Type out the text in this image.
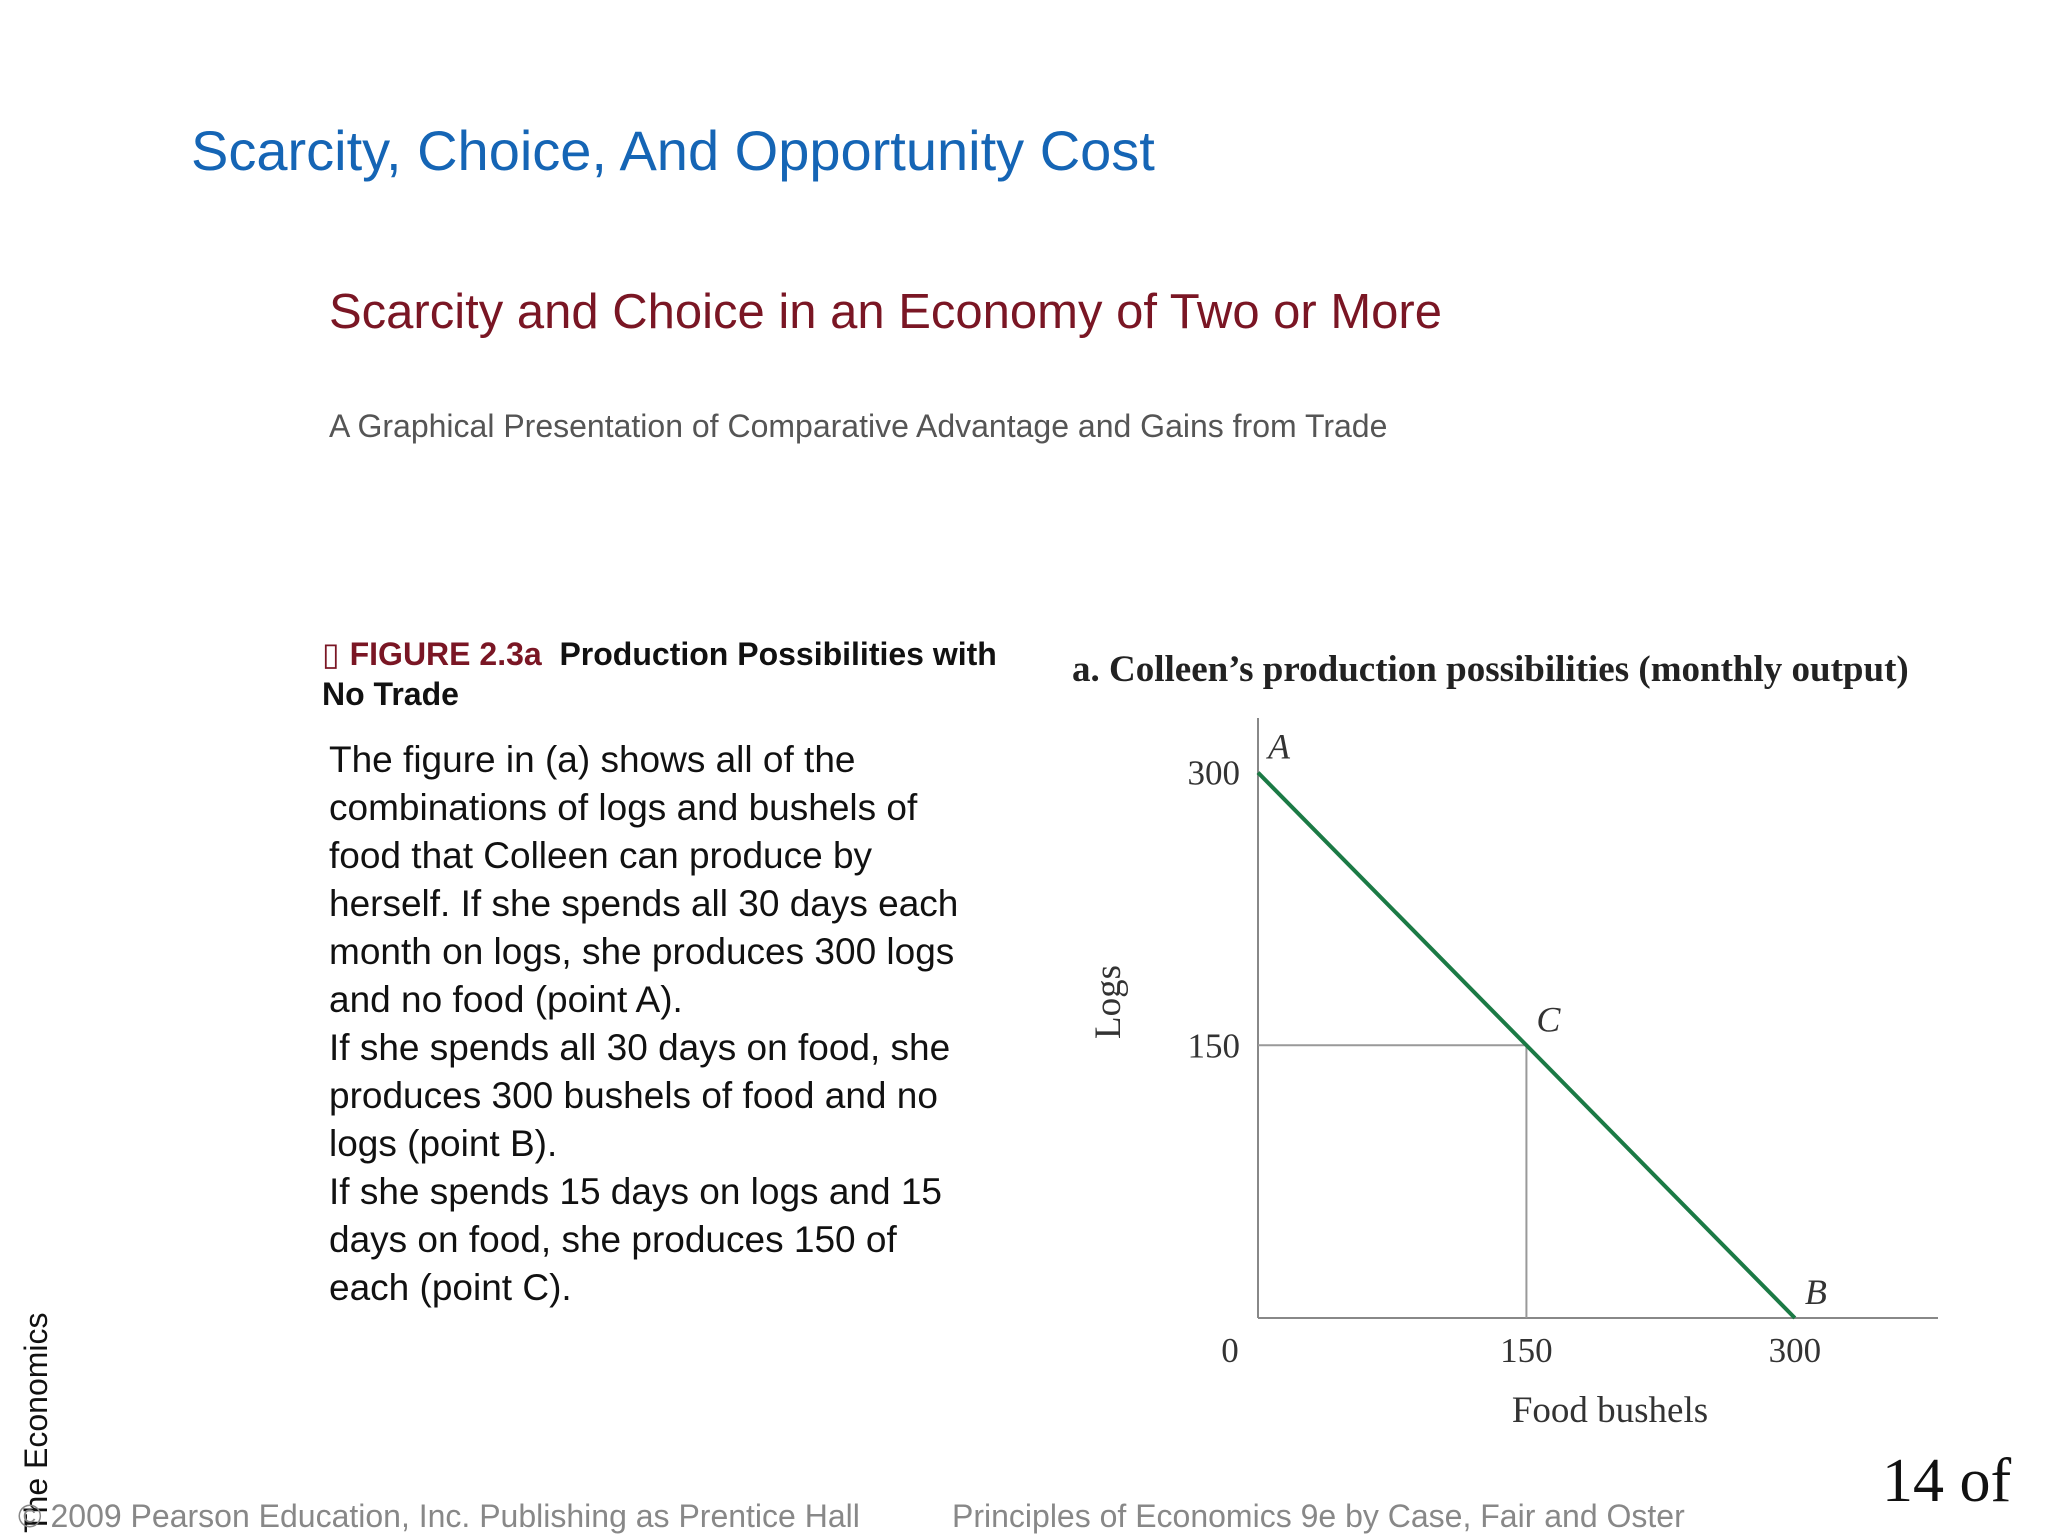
Scarcity, Choice, And Opportunity Cost
Scarcity and Choice in an Economy of Two or More
A Graphical Presentation of Comparative Advantage and Gains from Trade
▯ FIGURE 2.3a Production Possibilities with No Trade

The figure in (a) shows all of the combinations of logs and bushels of food that Colleen can produce by herself. If she spends all 30 days each month on logs, she produces 300 logs and no food (point A).

If she spends all 30 days on food, she produces 300 bushels of food and no logs (point B).

If she spends 15 days on logs and 15 days on food, she produces 150 of each (point C).

a. Colleen’s production possibilities (monthly output)
150
300
0	150	300
A
C
B
Food bushels
Logs
The Economics
© 2009 Pearson Education, Inc. Publishing as Prentice Hall	Principles of Economics 9e by Case, Fair and Oster
14 of
